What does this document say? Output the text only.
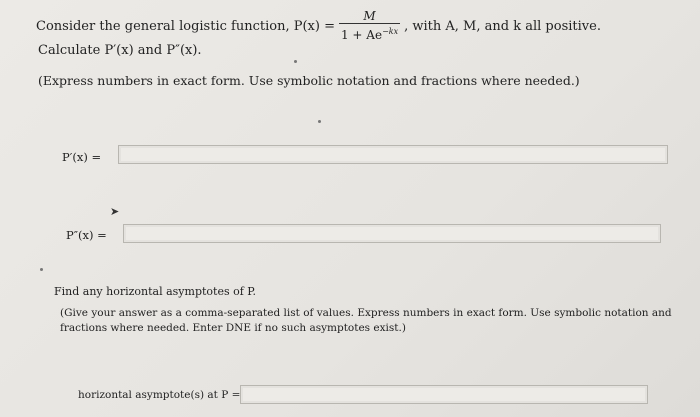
Consider the general logistic function, $P(x) = \frac{M}{1 + Ae^{-kx}}$ , with A, M, and k all positive.
Calculate P′(x) and P″(x).
(Express numbers in exact form. Use symbolic notation and fractions where needed.)
P′(x) =
➤
P″(x) =
Find any horizontal asymptotes of P.
(Give your answer as a comma-separated list of values. Express numbers in exact form. Use symbolic notation and fractions where needed. Enter DNE if no such asymptotes exist.)
horizontal asymptote(s) at P =
